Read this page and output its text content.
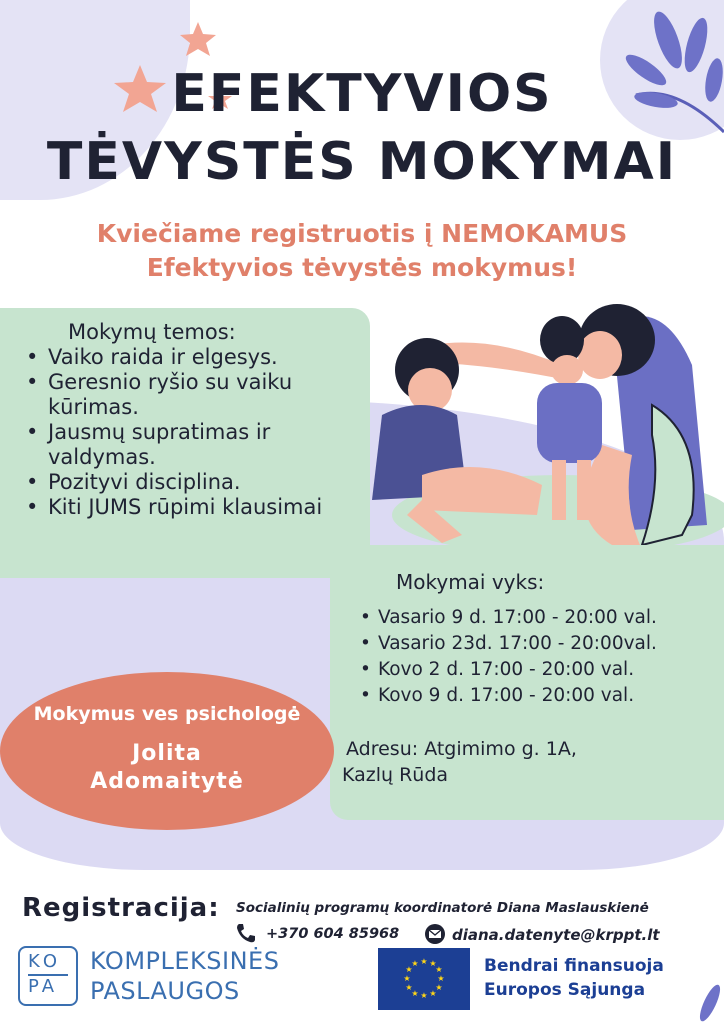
EFEKTYVIOS
TĖVYSTĖS MOKYMAI
Kviečiame registruotis į NEMOKAMUS
Efektyvios tėvystės mokymus!
Mokymų temos:
• Vaiko raida ir elgesys.
• Geresnio ryšio su vaiku kūrimas.
• Jausmų supratimas ir valdymas.
• Pozityvi disciplina.
• Kiti JUMS rūpimi klausimai
Mokymai vyks:
• Vasario 9 d. 17:00 - 20:00 val.
• Vasario 23d. 17:00 - 20:00val.
• Kovo 2 d. 17:00 - 20:00 val.
• Kovo 9 d. 17:00 - 20:00 val.
Adresu: Atgimimo g. 1A,
Kazlų Rūda
Mokymus ves psichologė
Jolita
Adomaitytė
Registracija: Socialinių programų koordinatorė Diana Maslauskienė
+370 604 85968	diana.datenyte@krppt.lt
KO
PA
KOMPLEKSINĖS
PASLAUGOS
★ ★
★
★
★
★
★
★
★
★
★
★	Bendrai finansuoja
Europos Sąjunga
